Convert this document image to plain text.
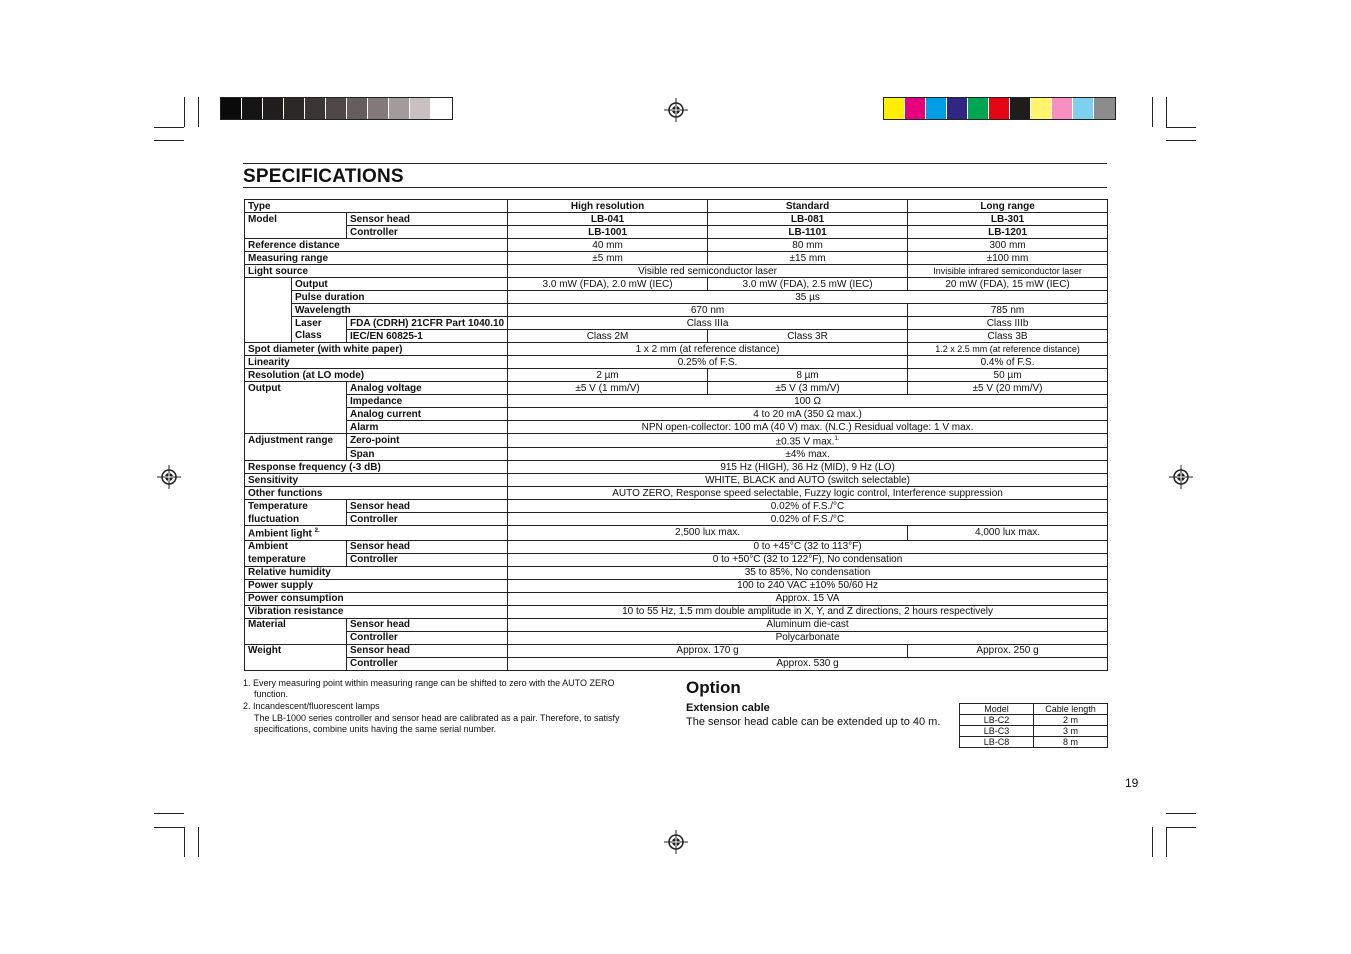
SPECIFICATIONS
Type			High resolution	Standard	Long range
Model		Sensor head	LB-041	LB-081	LB-301
		Controller	LB-1001	LB-1101	LB-1201
Reference distance			40 mm	80 mm	300 mm
Measuring range			±5 mm	±15 mm	±100 mm
Light source			Visible red semiconductor laser		Invisible infrared semiconductor laser
	Output		3.0 mW (FDA), 2.0 mW (IEC)	3.0 mW (FDA), 2.5 mW (IEC)	20 mW (FDA), 15 mW (IEC)
	Pulse duration		35 µs		
	Wavelength		670 nm		785 nm
	Laser	FDA (CDRH) 21CFR Part 1040.10	Class IIIa		Class IIIb
	Class	IEC/EN 60825-1	Class 2M	Class 3R	Class 3B
Spot diameter (with white paper)			1 x 2 mm (at reference distance)		1.2 x 2.5 mm (at reference distance)
Linearity			0.25% of F.S.		0.4% of F.S.
Resolution (at LO mode)			2 µm	8 µm	50 µm
Output		Analog voltage	±5 V (1 mm/V)	±5 V (3 mm/V)	±5 V (20 mm/V)
		Impedance	100 Ω		
		Analog current	4 to 20 mA (350 Ω max.)		
		Alarm	NPN open-collector: 100 mA (40 V) max. (N.C.) Residual voltage: 1 V max.		
Adjustment range		Zero-point	±0.35 V max.$^{1.}$
		Span	±4% max.		
Response frequency (-3 dB)			915 Hz (HIGH), 36 Hz (MID), 9 Hz (LO)		
Sensitivity			WHITE, BLACK and AUTO (switch selectable)		
Other functions			AUTO ZERO, Response speed selectable, Fuzzy logic control, Interference suppression		
Temperature		Sensor head	0.02% of F.S./°C		
fluctuation		Controller	0.02% of F.S./°C		
Ambient light $^{2.}$			2,500 lux max.		4,000 lux max.
Ambient		Sensor head	0 to +45°C (32 to 113°F)		
temperature		Controller	0 to +50°C (32 to 122°F), No condensation		
Relative humidity			35 to 85%, No condensation		
Power supply			100 to 240 VAC ±10% 50/60 Hz		
Power consumption			Approx. 15 VA		
Vibration resistance			10 to 55 Hz, 1.5 mm double amplitude in X, Y, and Z directions, 2 hours respectively		
Material		Sensor head	Aluminum die-cast		
		Controller	Polycarbonate		
Weight		Sensor head	Approx. 170 g		Approx. 250 g
		Controller	Approx. 530 g		
1. Every measuring point within measuring range can be shifted to zero with the AUTO ZERO
function.
2. Incandescent/fluorescent lamps
The LB-1000 series controller and sensor head are calibrated as a pair. Therefore, to satisfy
specifications, combine units having the same serial number.
Option
Extension cable
The sensor head cable can be extended up to 40 m.
Model	Cable length
LB-C2	2 m
LB-C3	3 m
LB-C8	8 m
19
